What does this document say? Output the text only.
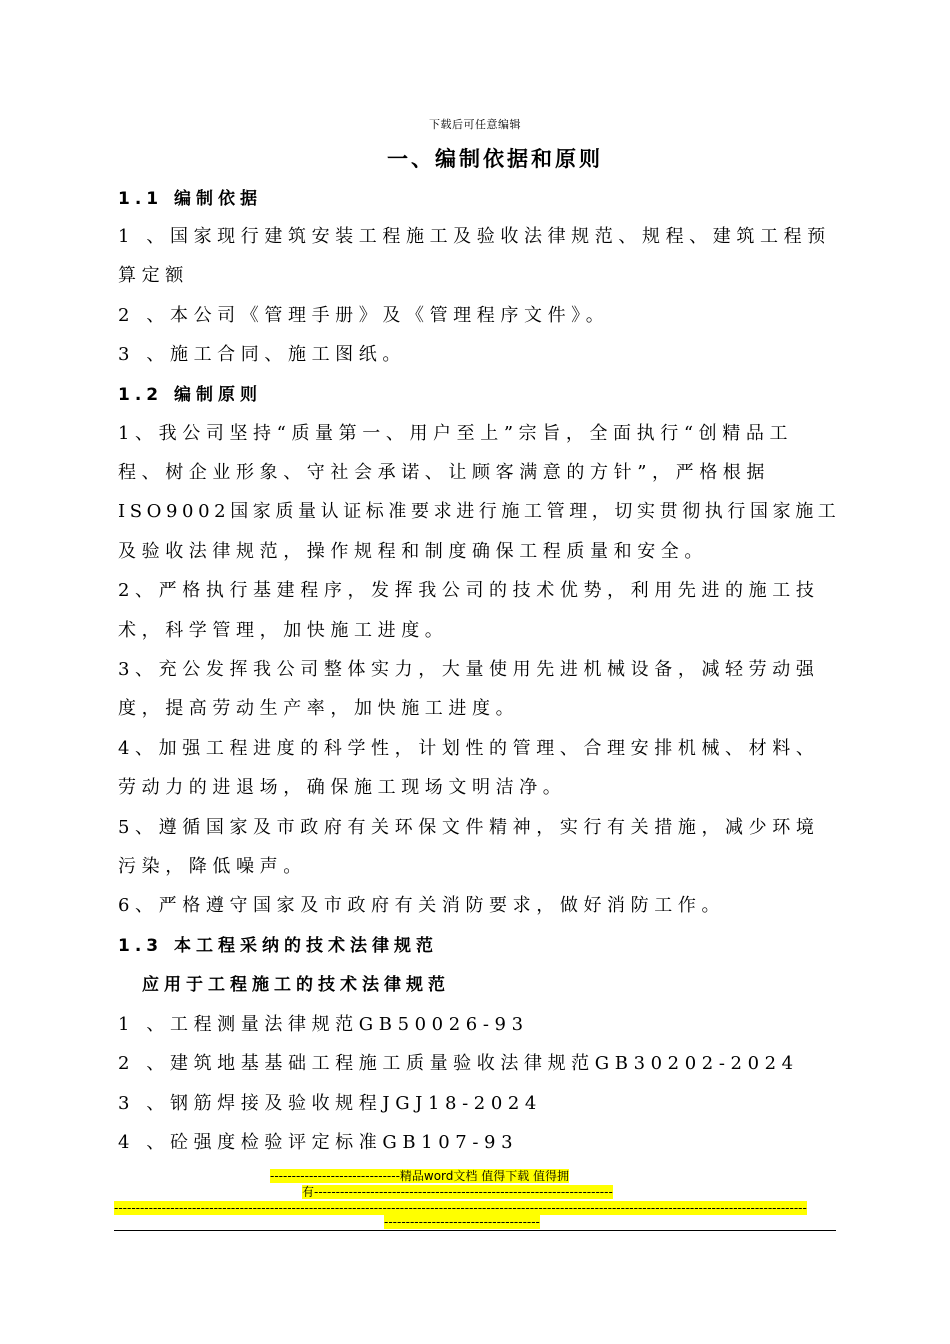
下载后可任意编辑
一、编制依据和原则
1.1 编制依据
1 、国家现行建筑安装工程施工及验收法律规范、规程、建筑工程预
算定额
2 、本公司《管理手册》及《管理程序文件》。
3 、施工合同、施工图纸。
1.2 编制原则
1、我公司坚持“质量第一、用户至上”宗旨，全面执行“创精品工
程、树企业形象、守社会承诺、让顾客满意的方针”，严格根据
ISO9002国家质量认证标准要求进行施工管理，切实贯彻执行国家施工
及验收法律规范，操作规程和制度确保工程质量和安全。
2、严格执行基建程序，发挥我公司的技术优势，利用先进的施工技
术，科学管理，加快施工进度。
3、充公发挥我公司整体实力，大量使用先进机械设备，减轻劳动强
度，提高劳动生产率，加快施工进度。
4、加强工程进度的科学性，计划性的管理、合理安排机械、材料、
劳动力的进退场，确保施工现场文明洁净。
5、遵循国家及市政府有关环保文件精神，实行有关措施，减少环境
污染，降低噪声。
6、严格遵守国家及市政府有关消防要求，做好消防工作。
1.3 本工程采纳的技术法律规范
应用于工程施工的技术法律规范
1 、工程测量法律规范GB50026-93
2 、建筑地基基础工程施工质量验收法律规范GB30202-2024
3 、钢筋焊接及验收规程JGJ18-2024
4 、砼强度检验评定标准GB107-93
------------------------------精品word文档 值得下载 值得拥
有---------------------------------------------------------------------
----------------------------------------------------------------------------------------------------------------------------------------------------------------
------------------------------------
